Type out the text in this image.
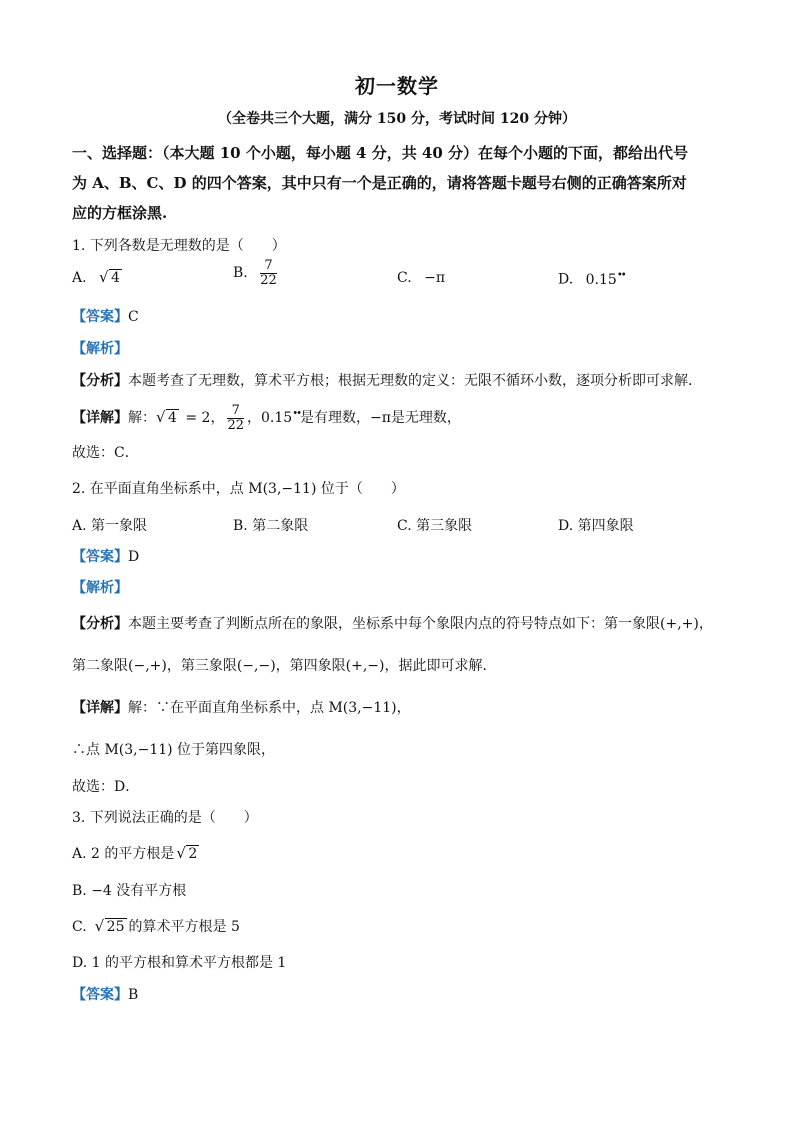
初一数学
（全卷共三个大题，满分 150 分，考试时间 120 分钟）
一、选择题：（本大题 10 个小题，每小题 4 分，共 40 分）在每个小题的下面，都给出代号
为 A、B、C、D 的四个答案，其中只有一个是正确的，请将答题卡题号右侧的正确答案所对
应的方框涂黑.
1. 下列各数是无理数的是（　　）
A. √ 4	B. $\frac{7}{22}$	C. −π	D. 0.15••
【答案】C
【解析】
【分析】本题考查了无理数，算术平方根；根据无理数的定义：无限不循环小数，逐项分析即可求解．
【详解】解： √ 4 = 2， $\frac{7}{22}$ ，0.15••是有理数，−π是无理数，
故选：C．
2. 在平面直角坐标系中，点 M(3,−11) 位于（　　）
A. 第一象限	B. 第二象限	C. 第三象限	D. 第四象限
【答案】D
【解析】
【分析】本题主要考查了判断点所在的象限，坐标系中每个象限内点的符号特点如下：第一象限(+,+)，
第二象限(−,+)，第三象限(−,−)，第四象限(+,−)，据此即可求解．
【详解】解：∵在平面直角坐标系中，点 M(3,−11)，
∴点 M(3,−11) 位于第四象限，
故选：D．
3. 下列说法正确的是（　　）
A. 2 的平方根是 √ 2
B. −4 没有平方根
C. √ 25 的算术平方根是 5
D. 1 的平方根和算术平方根都是 1
【答案】B
